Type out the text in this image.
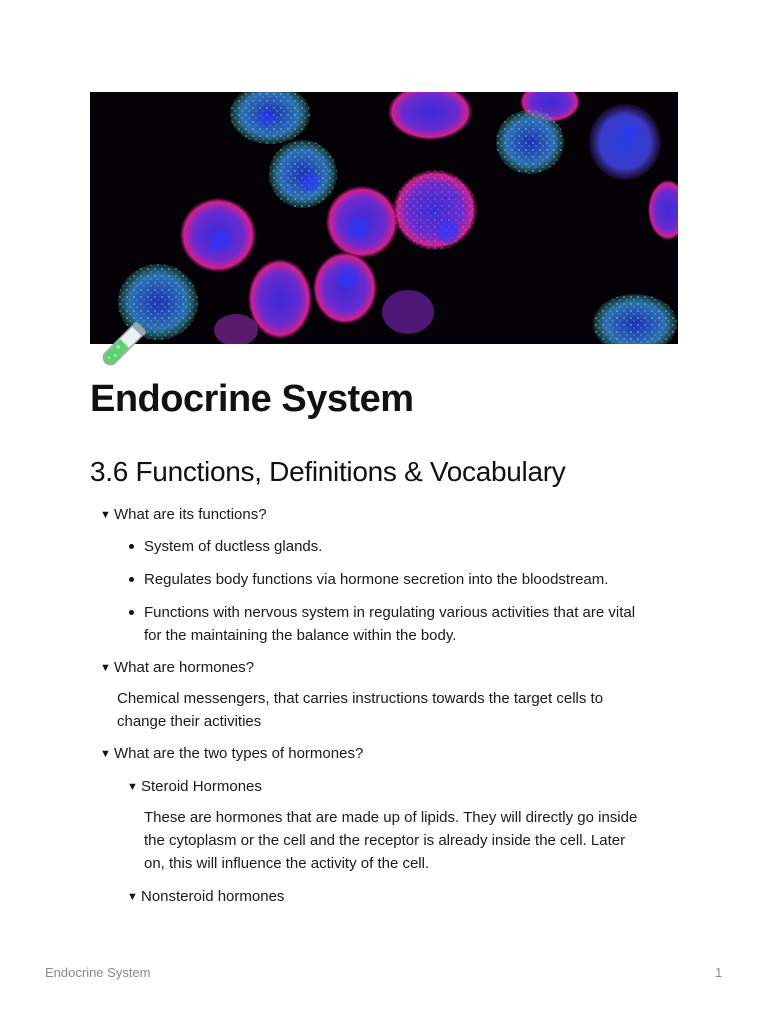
Endocrine System
3.6 Functions, Definitions & Vocabulary
▼ What are its functions?
System of ductless glands.
Regulates body functions via hormone secretion into the bloodstream.
Functions with nervous system in regulating various activities that are vital
for the maintaining the balance within the body.
▼ What are hormones?
Chemical messengers, that carries instructions towards the target cells to
change their activities
▼ What are the two types of hormones?
▼ Steroid Hormones
These are hormones that are made up of lipids. They will directly go inside
the cytoplasm or the cell and the receptor is already inside the cell. Later
on, this will influence the activity of the cell.
▼ Nonsteroid hormones
Endocrine System	1
